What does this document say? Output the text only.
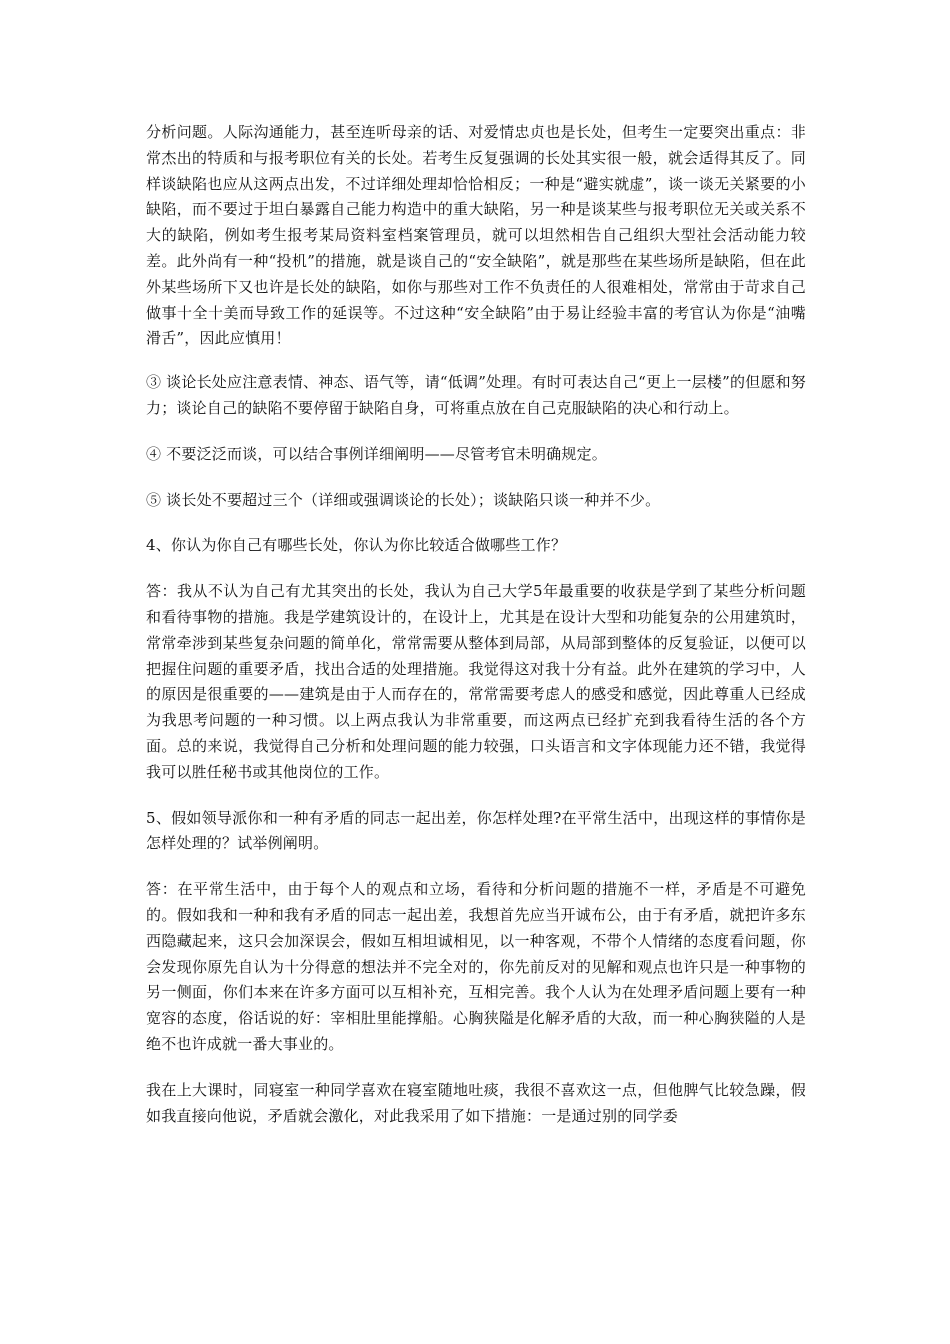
分析问题。人际沟通能力，甚至连听母亲的话、对爱情忠贞也是长处，但考生一定要突出重点：非常杰出的特质和与报考职位有关的长处。若考生反复强调的长处其实很一般，就会适得其反了。同样谈缺陷也应从这两点出发，不过详细处理却恰恰相反；一种是“避实就虚”，谈一谈无关紧要的小缺陷，而不要过于坦白暴露自己能力构造中的重大缺陷，另一种是谈某些与报考职位无关或关系不大的缺陷，例如考生报考某局资料室档案管理员，就可以坦然相告自己组织大型社会活动能力较差。此外尚有一种“投机”的措施，就是谈自己的“安全缺陷”，就是那些在某些场所是缺陷，但在此外某些场所下又也许是长处的缺陷，如你与那些对工作不负责任的人很难相处，常常由于苛求自己做事十全十美而导致工作的延误等。不过这种“安全缺陷”由于易让经验丰富的考官认为你是“油嘴滑舌”，因此应慎用！

③ 谈论长处应注意表情、神态、语气等，请“低调”处理。有时可表达自己“更上一层楼”的但愿和努力；谈论自己的缺陷不要停留于缺陷自身，可将重点放在自己克服缺陷的决心和行动上。

④ 不要泛泛而谈，可以结合事例详细阐明——尽管考官未明确规定。

⑤ 谈长处不要超过三个（详细或强调谈论的长处）；谈缺陷只谈一种并不少。

4、你认为你自己有哪些长处，你认为你比较适合做哪些工作？

答：我从不认为自己有尤其突出的长处，我认为自己大学5年最重要的收获是学到了某些分析问题和看待事物的措施。我是学建筑设计的，在设计上，尤其是在设计大型和功能复杂的公用建筑时，常常牵涉到某些复杂问题的简单化，常常需要从整体到局部，从局部到整体的反复验证，以便可以把握住问题的重要矛盾，找出合适的处理措施。我觉得这对我十分有益。此外在建筑的学习中，人的原因是很重要的——建筑是由于人而存在的，常常需要考虑人的感受和感觉，因此尊重人已经成为我思考问题的一种习惯。以上两点我认为非常重要，而这两点已经扩充到我看待生活的各个方面。总的来说，我觉得自己分析和处理问题的能力较强，口头语言和文字体现能力还不错，我觉得我可以胜任秘书或其他岗位的工作。

5、假如领导派你和一种有矛盾的同志一起出差，你怎样处理?在平常生活中，出现这样的事情你是怎样处理的？试举例阐明。

答：在平常生活中，由于每个人的观点和立场，看待和分析问题的措施不一样，矛盾是不可避免的。假如我和一种和我有矛盾的同志一起出差，我想首先应当开诚布公，由于有矛盾，就把许多东西隐藏起来，这只会加深误会，假如互相坦诚相见，以一种客观，不带个人情绪的态度看问题，你会发现你原先自认为十分得意的想法并不完全对的，你先前反对的见解和观点也许只是一种事物的另一侧面，你们本来在许多方面可以互相补充，互相完善。我个人认为在处理矛盾问题上要有一种宽容的态度，俗话说的好：宰相肚里能撑船。心胸狭隘是化解矛盾的大敌，而一种心胸狭隘的人是绝不也许成就一番大事业的。

我在上大课时，同寝室一种同学喜欢在寝室随地吐痰，我很不喜欢这一点，但他脾气比较急躁，假如我直接向他说，矛盾就会激化，对此我采用了如下措施：一是通过别的同学委
